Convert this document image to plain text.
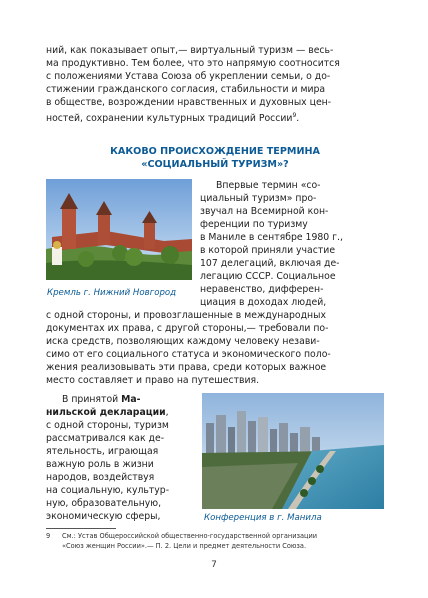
ний, как показывает опыт,— виртуальный туризм — весь-
ма продуктивно. Тем более, что это напрямую соотносится
с положениями Устава Союза об укреплении семьи, о до-
стижении гражданского согласия, стабильности и мира
в обществе, возрождении нравственных и духовных цен-
ностей, сохранении культурных традиций России$^9$.
КАКОВО ПРОИСХОЖДЕНИЕ ТЕРМИНА
«СОЦИАЛЬНЫЙ ТУРИЗМ»?
Кремль г. Нижний Новгород
Впервые термин «со-
циальный туризм» про-
звучал на Всемирной кон-
ференции по туризму
в Маниле в сентябре 1980 г.,
в которой приняли участие
107 делегаций, включая де-
легацию СССР. Социальное
неравенство, дифферен-
циация в доходах людей,
с одной стороны, и провозглашенные в международных
документах их права, с другой стороны,— требовали по-
иска средств, позволяющих каждому человеку незави-
симо от его социального статуса и экономического поло-
жения реализовывать эти права, среди которых важное
место составляет и право на путешествия.
В принятой Ма-
нильской декларации,
с одной стороны, туризм
рассматривался как де-
ятельность, играющая
важную роль в жизни
народов, воздействуя
на социальную, культур-
ную, образовательную,
экономическую сферы,	Конференция в г. Манила
9 См.: Устав Общероссийской общественно-государственной организации
«Союз женщин России».— П. 2. Цели и предмет деятельности Союза.
7
